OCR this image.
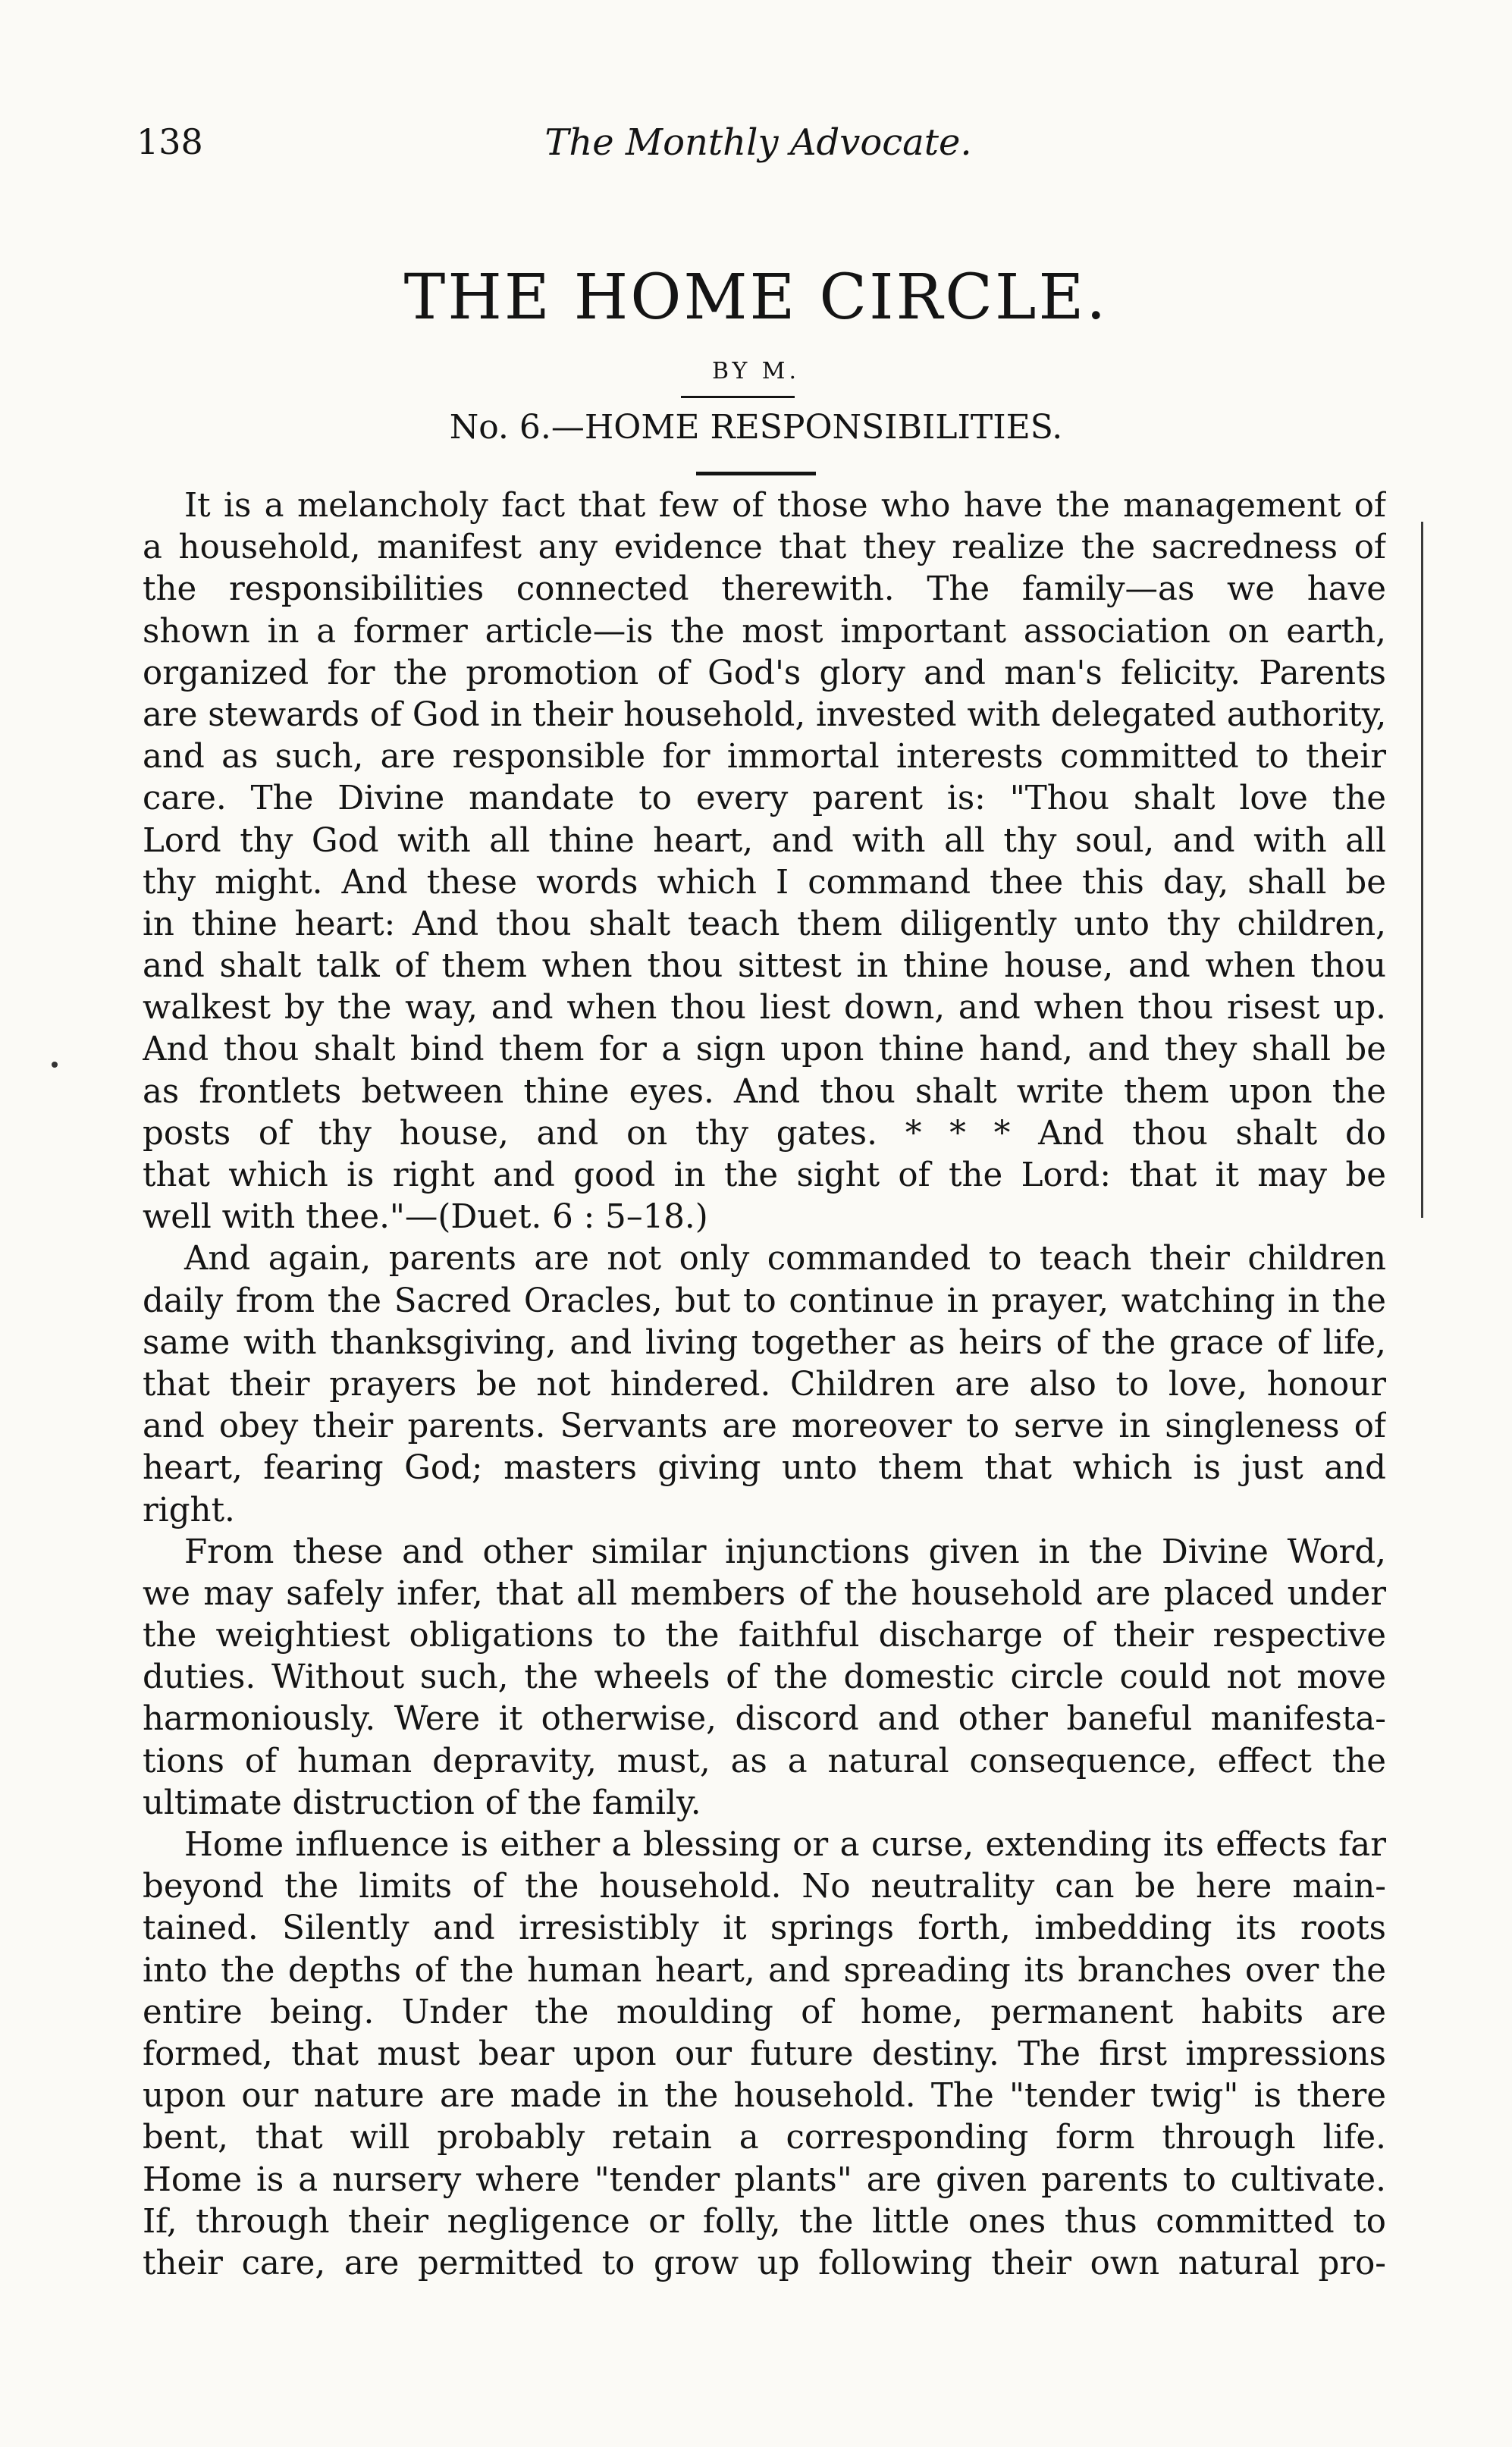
138	The Monthly Advocate.
THE HOME CIRCLE.
BY M.
No. 6.—HOME RESPONSIBILITIES.
It is a melancholy fact that few of those who have the management of
a household, manifest any evidence that they realize the sacredness of
the responsibilities connected therewith. The family—as we have
shown in a former article—is the most important association on earth,
organized for the promotion of God's glory and man's felicity. Parents
are stewards of God in their household, invested with delegated authority,
and as such, are responsible for immortal interests committed to their
care. The Divine mandate to every parent is: "Thou shalt love the
Lord thy God with all thine heart, and with all thy soul, and with all
thy might. And these words which I command thee this day, shall be
in thine heart: And thou shalt teach them diligently unto thy children,
and shalt talk of them when thou sittest in thine house, and when thou
walkest by the way, and when thou liest down, and when thou risest up.
And thou shalt bind them for a sign upon thine hand, and they shall be
as frontlets between thine eyes. And thou shalt write them upon the
posts of thy house, and on thy gates. * * * And thou shalt do
that which is right and good in the sight of the Lord: that it may be
well with thee."—(Duet. 6 : 5–18.)
And again, parents are not only commanded to teach their children
daily from the Sacred Oracles, but to continue in prayer, watching in the
same with thanksgiving, and living together as heirs of the grace of life,
that their prayers be not hindered. Children are also to love, honour
and obey their parents. Servants are moreover to serve in singleness of
heart, fearing God; masters giving unto them that which is just and
right.
From these and other similar injunctions given in the Divine Word,
we may safely infer, that all members of the household are placed under
the weightiest obligations to the faithful discharge of their respective
duties. Without such, the wheels of the domestic circle could not move
harmoniously. Were it otherwise, discord and other baneful manifesta-
tions of human depravity, must, as a natural consequence, effect the
ultimate distruction of the family.
Home influence is either a blessing or a curse, extending its effects far
beyond the limits of the household. No neutrality can be here main-
tained. Silently and irresistibly it springs forth, imbedding its roots
into the depths of the human heart, and spreading its branches over the
entire being. Under the moulding of home, permanent habits are
formed, that must bear upon our future destiny. The first impressions
upon our nature are made in the household. The "tender twig" is there
bent, that will probably retain a corresponding form through life.
Home is a nursery where "tender plants" are given parents to cultivate.
If, through their negligence or folly, the little ones thus committed to
their care, are permitted to grow up following their own natural pro-
